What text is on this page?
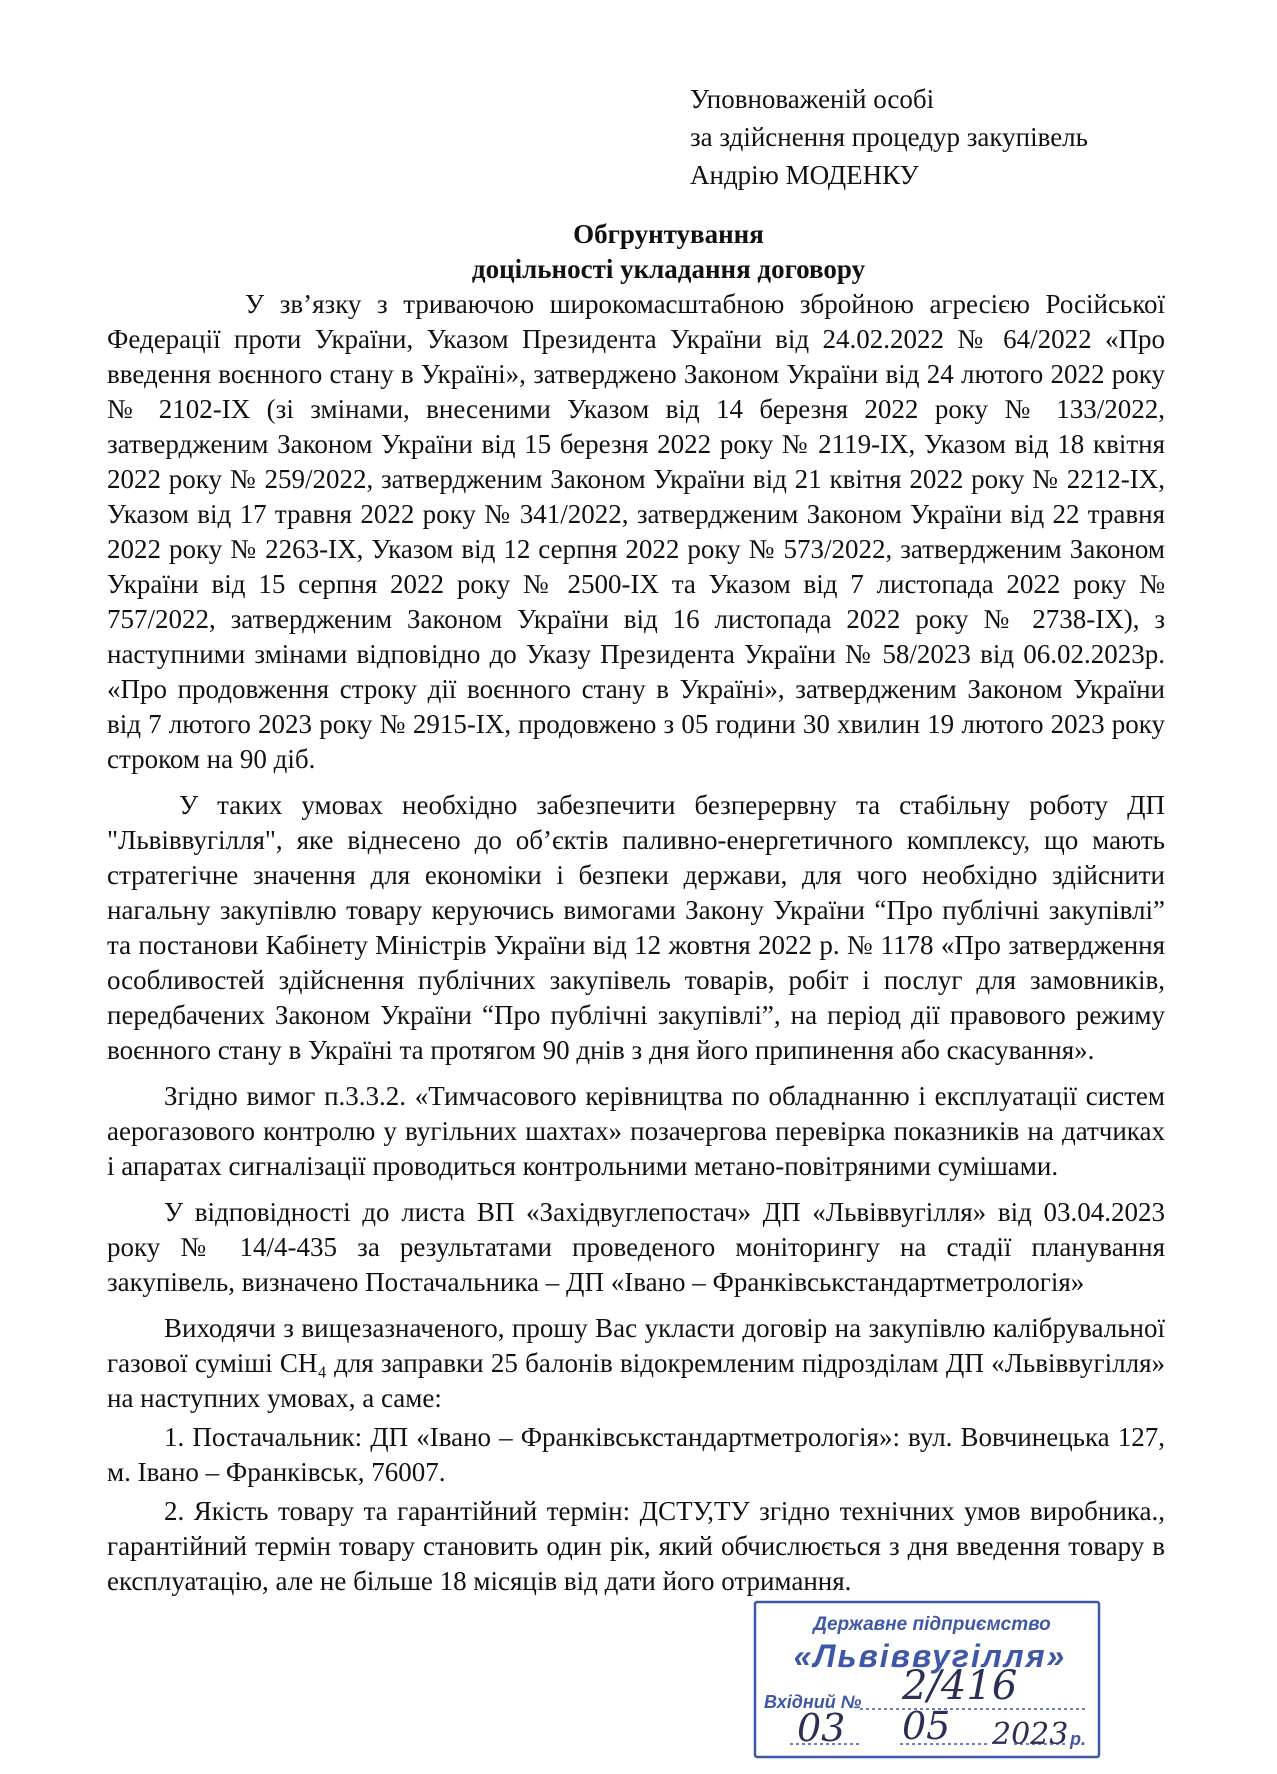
Уповноваженій особі
за здійснення процедур закупівель
Андрію МОДЕНКУ
Обгрунтування
доцільності укладання договору

У зв’язку з триваючою широкомасштабною збройною агресією Російської Федерації проти України, Указом Президента України від 24.02.2022 № 64/2022 «Про введення воєнного стану в Україні», затверджено Законом України від 24 лютого 2022 року № 2102-IX (зі змінами, внесеними Указом від 14 березня 2022 року № 133/2022, затвердженим Законом України від 15 березня 2022 року № 2119-IX, Указом від 18 квітня 2022 року № 259/2022, затвердженим Законом України від 21 квітня 2022 року № 2212-IX, Указом від 17 травня 2022 року № 341/2022, затвердженим Законом України від 22 травня 2022 року № 2263-IX, Указом від 12 серпня 2022 року № 573/2022, затвердженим Законом України від 15 серпня 2022 року № 2500-IX та Указом від 7 листопада 2022 року № 757/2022, затвердженим Законом України від 16 листопада 2022 року № 2738-IX), з наступними змінами відповідно до Указу Президента України № 58/2023 від 06.02.2023р. «Про продовження строку дії воєнного стану в Україні», затвердженим Законом України від 7 лютого 2023 року № 2915-IX, продовжено з 05 години 30 хвилин 19 лютого 2023 року строком на 90 діб.

У таких умовах необхідно забезпечити безперервну та стабільну роботу ДП "Львіввугілля", яке віднесено до об’єктів паливно-енергетичного комплексу, що мають стратегічне значення для економіки і безпеки держави, для чого необхідно здійснити нагальну закупівлю товару керуючись вимогами Закону України “Про публічні закупівлі” та постанови Кабінету Міністрів України від 12 жовтня 2022 р. № 1178 «Про затвердження особливостей здійснення публічних закупівель товарів, робіт і послуг для замовників, передбачених Законом України “Про публічні закупівлі”, на період дії правового режиму воєнного стану в Україні та протягом 90 днів з дня його припинення або скасування».

Згідно вимог п.3.3.2. «Тимчасового керівництва по обладнанню і експлуатації систем аерогазового контролю у вугільних шахтах» позачергова перевірка показників на датчиках і апаратах сигналізації проводиться контрольними метано-повітряними сумішами.

У відповідності до листа ВП «Західвуглепостач» ДП «Львіввугілля» від 03.04.2023 року № 14/4-435 за результатами проведеного моніторингу на стадії планування закупівель, визначено Постачальника – ДП «Івано – Франківськстандартметрологія»

Виходячи з вищезазначеного, прошу Вас укласти договір на закупівлю калібрувальної газової суміші CH₄ для заправки 25 балонів відокремленим підрозділам ДП «Львіввугілля» на наступних умовах, а саме:

1. Постачальник: ДП «Івано – Франківськстандартметрологія»: вул. Вовчинецька 127, м. Івано – Франківськ, 76007.

2. Якість товару та гарантійний термін: ДСТУ,ТУ згідно технічних умов виробника., гарантійний термін товару становить один рік, який обчислюється з дня введення товару в експлуатацію, але не більше 18 місяців від дати його отримання.

Державне підприємство
«Львіввугілля»
Вхідний №
р.
2/416
03 05 2023
